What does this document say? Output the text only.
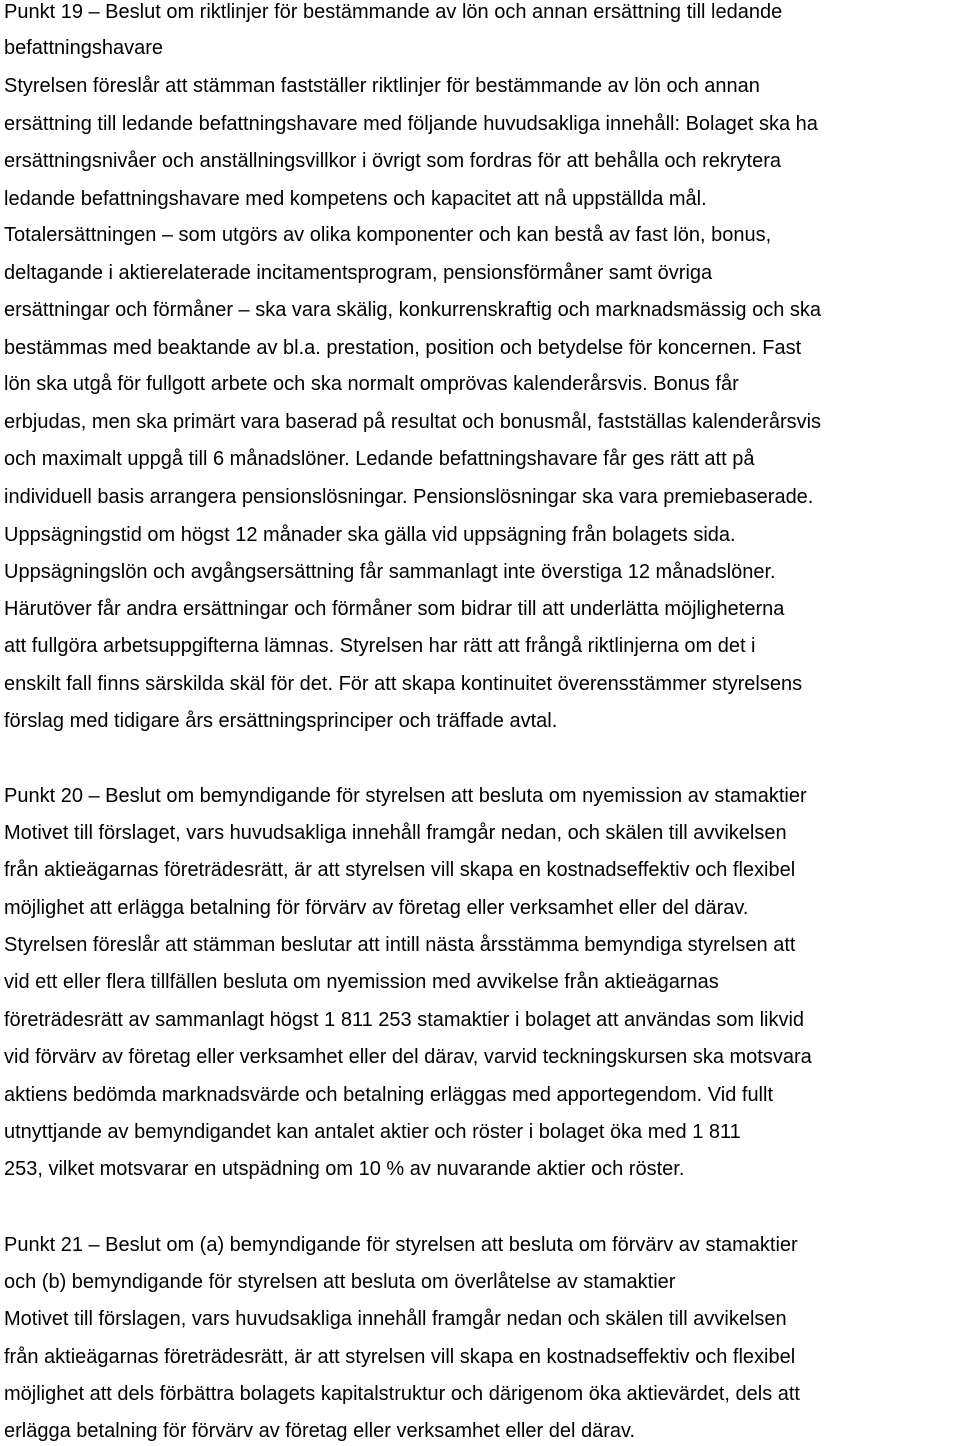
Punkt 19 – Beslut om riktlinjer för bestämmande av lön och annan ersättning till ledande

befattningshavare

Styrelsen föreslår att stämman fastställer riktlinjer för bestämmande av lön och annan

ersättning till ledande befattningshavare med följande huvudsakliga innehåll: Bolaget ska ha

ersättningsnivåer och anställningsvillkor i övrigt som fordras för att behålla och rekrytera

ledande befattningshavare med kompetens och kapacitet att nå uppställda mål.

Totalersättningen – som utgörs av olika komponenter och kan bestå av fast lön, bonus,

deltagande i aktierelaterade incitamentsprogram, pensionsförmåner samt övriga

ersättningar och förmåner – ska vara skälig, konkurrenskraftig och marknadsmässig och ska

bestämmas med beaktande av bl.a. prestation, position och betydelse för koncernen. Fast

lön ska utgå för fullgott arbete och ska normalt omprövas kalenderårsvis. Bonus får

erbjudas, men ska primärt vara baserad på resultat och bonusmål, fastställas kalenderårsvis

och maximalt uppgå till 6 månadslöner. Ledande befattningshavare får ges rätt att på

individuell basis arrangera pensionslösningar. Pensionslösningar ska vara premiebaserade.

Uppsägningstid om högst 12 månader ska gälla vid uppsägning från bolagets sida.

Uppsägningslön och avgångsersättning får sammanlagt inte överstiga 12 månadslöner.

Härutöver får andra ersättningar och förmåner som bidrar till att underlätta möjligheterna

att fullgöra arbetsuppgifterna lämnas. Styrelsen har rätt att frångå riktlinjerna om det i

enskilt fall finns särskilda skäl för det. För att skapa kontinuitet överensstämmer styrelsens

förslag med tidigare års ersättningsprinciper och träffade avtal.

Punkt 20 – Beslut om bemyndigande för styrelsen att besluta om nyemission av stamaktier

Motivet till förslaget, vars huvudsakliga innehåll framgår nedan, och skälen till avvikelsen

från aktieägarnas företrädesrätt, är att styrelsen vill skapa en kostnadseffektiv och flexibel

möjlighet att erlägga betalning för förvärv av företag eller verksamhet eller del därav.

Styrelsen föreslår att stämman beslutar att intill nästa årsstämma bemyndiga styrelsen att

vid ett eller flera tillfällen besluta om nyemission med avvikelse från aktieägarnas

företrädesrätt av sammanlagt högst 1 811 253 stamaktier i bolaget att användas som likvid

vid förvärv av företag eller verksamhet eller del därav, varvid teckningskursen ska motsvara

aktiens bedömda marknadsvärde och betalning erläggas med apportegendom. Vid fullt

utnyttjande av bemyndigandet kan antalet aktier och röster i bolaget öka med 1 811

253, vilket motsvarar en utspädning om 10 % av nuvarande aktier och röster.

Punkt 21 – Beslut om (a) bemyndigande för styrelsen att besluta om förvärv av stamaktier

och (b) bemyndigande för styrelsen att besluta om överlåtelse av stamaktier

Motivet till förslagen, vars huvudsakliga innehåll framgår nedan och skälen till avvikelsen

från aktieägarnas företrädesrätt, är att styrelsen vill skapa en kostnadseffektiv och flexibel

möjlighet att dels förbättra bolagets kapitalstruktur och därigenom öka aktievärdet, dels att

erlägga betalning för förvärv av företag eller verksamhet eller del därav.
